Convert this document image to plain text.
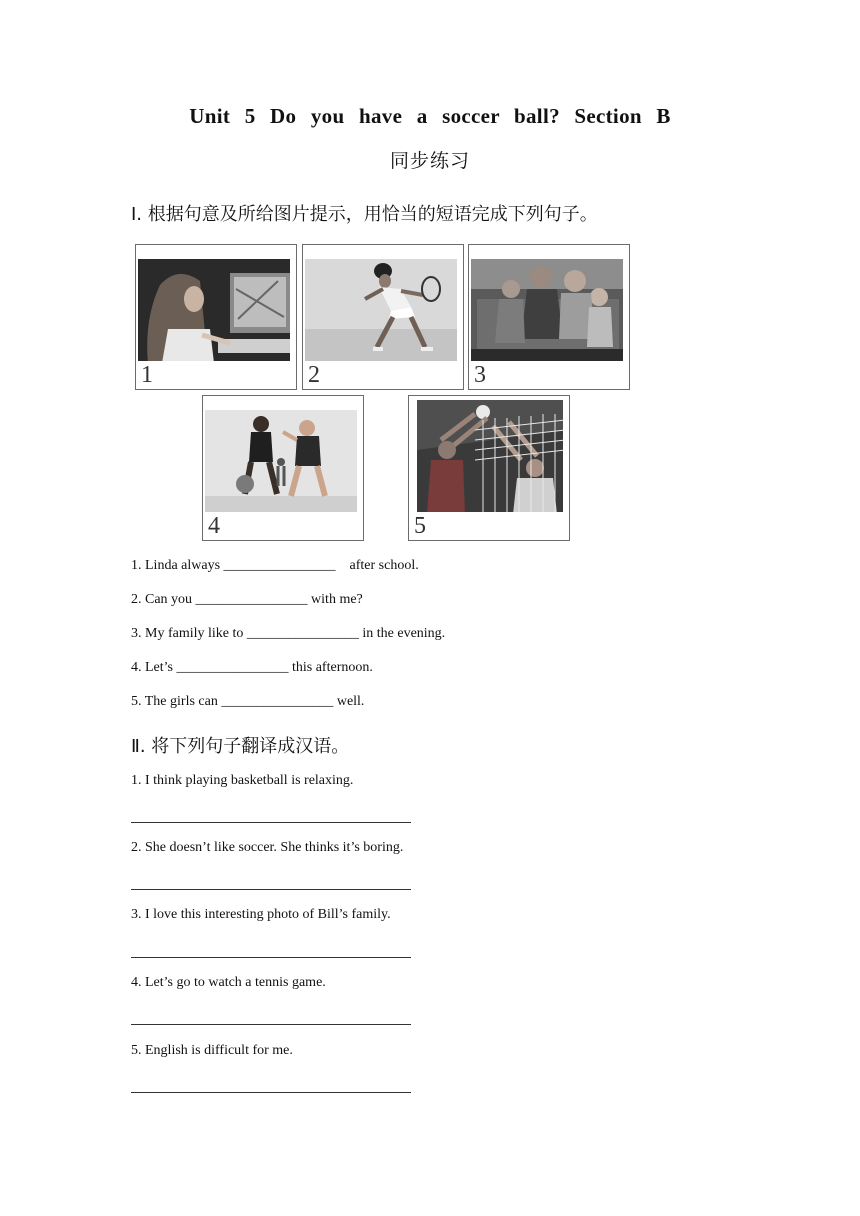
Unit 5 Do you have a soccer ball? Section B
同步练习
Ⅰ. 根据句意及所给图片提示，用恰当的短语完成下列句子。
1	2	3
4	5
1. Linda always ________________    after school.
2. Can you ________________ with me?
3. My family like to ________________ in the evening.
4. Let’s ________________ this afternoon.
5. The girls can ________________ well.
Ⅱ. 将下列句子翻译成汉语。
1. I think playing basketball is relaxing.
2. She doesn’t like soccer. She thinks it’s boring.
3. I love this interesting photo of Bill’s family.
4. Let’s go to watch a tennis game.
5. English is difficult for me.
